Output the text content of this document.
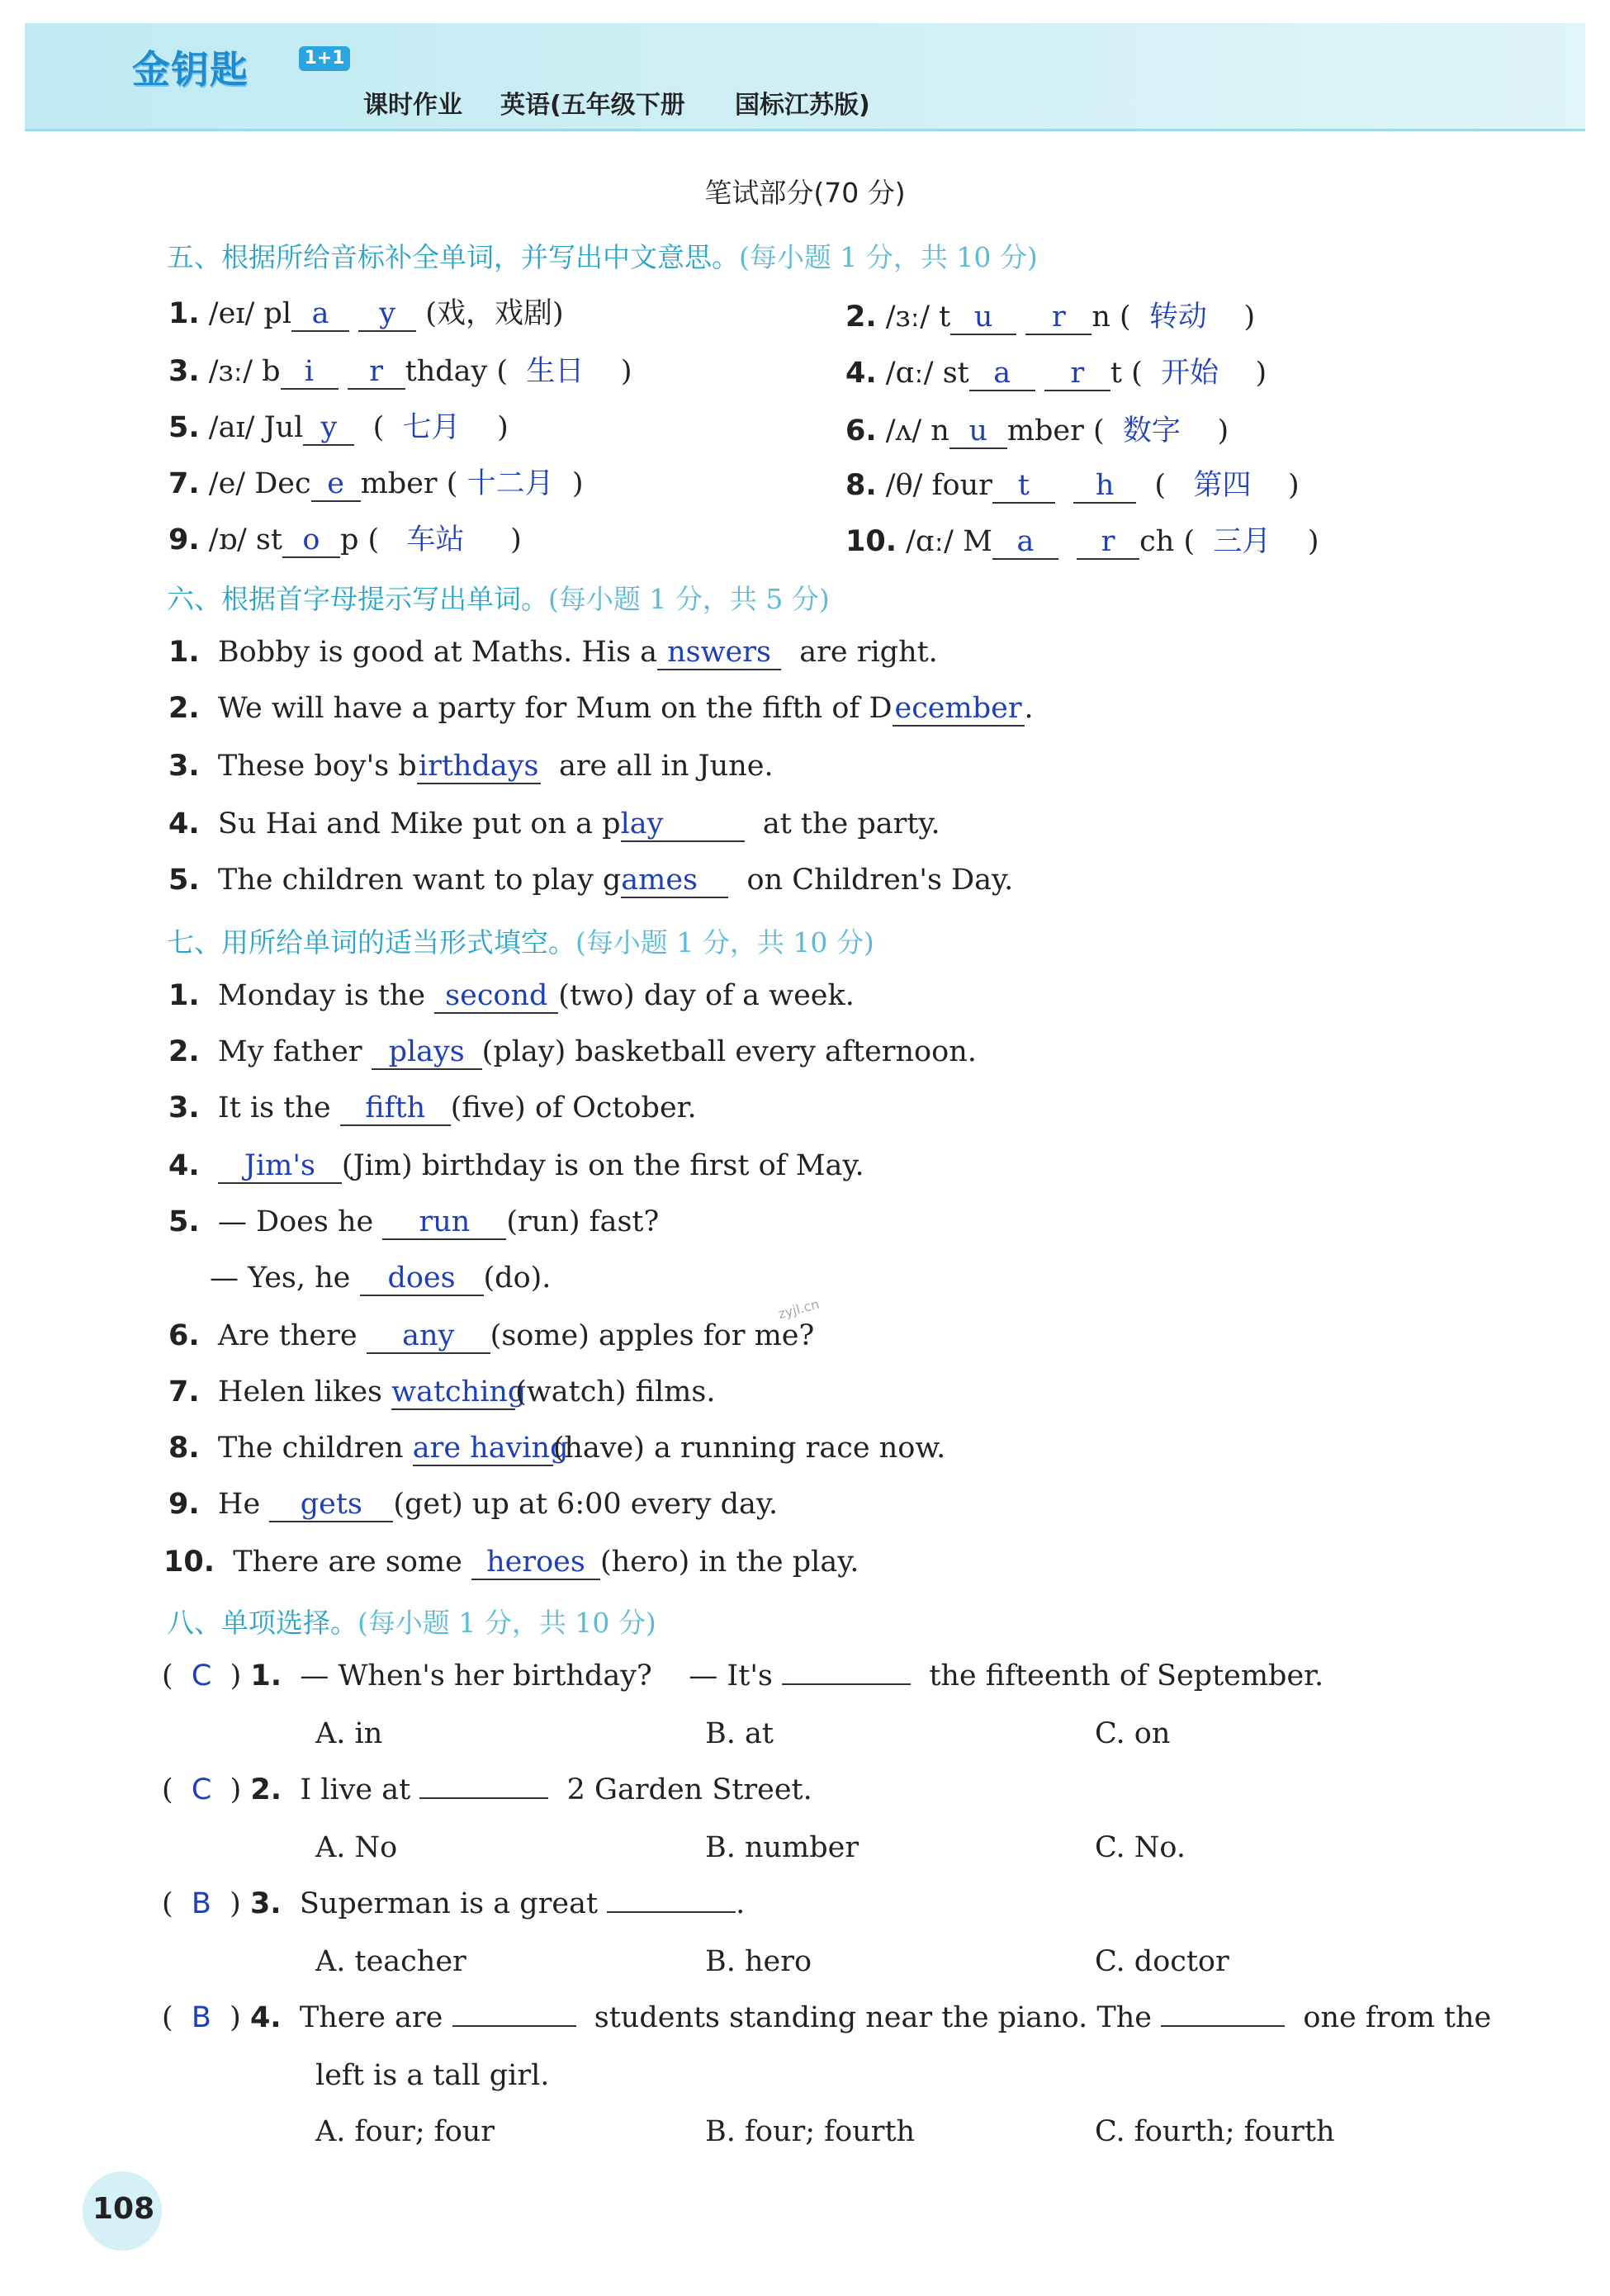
金钥匙	1+1
课时作业 英语(五年级下册 国标江苏版)
笔试部分(70 分)
五、根据所给音标补全单词，并写出中文意思。(每小题 1 分，共 10 分)
1. /eɪ/ pl a y (戏，戏剧)	2. /ɜː/ t u r n ( 转动 )
3. /ɜː/ b i r thday ( 生日 )	4. /ɑː/ st a r t ( 开始 )
5. /aɪ/ Jul y ( 七月 )	6. /ʌ/ n u mber ( 数字 )
7. /e/ Dec e mber ( 十二月 )	8. /θ/ four t h ( 第四 )
9. /ɒ/ st o p ( 车站 )	10. /ɑː/ M a r ch ( 三月 )
六、根据首字母提示写出单词。(每小题 1 分，共 5 分)
1. Bobby is good at Maths. His a nswers are right.
2. We will have a party for Mum on the fifth of December.
3. These boy's birthdays are all in June.
4. Su Hai and Mike put on a play	at the party.
5. The children want to play games on Children's Day.
七、用所给单词的适当形式填空。(每小题 1 分，共 10 分)
1. Monday is the second (two) day of a week.
2. My father plays (play) basketball every afternoon.
3. It is the fifth (five) of October.
4. Jim's (Jim) birthday is on the first of May.
5. — Does he run (run) fast?
— Yes, he does (do).
6. Are there any (some) apples for me?
zyjl.cn
7. Helen likes watching(watch) films.
8. The children are having(have) a running race now.
9. He gets (get) up at 6:00 every day.
10. There are some heroes (hero) in the play.
八、单项选择。(每小题 1 分，共 10 分)
(  C  ) 1. — When's her birthday? — It's	the fifteenth of September.
A. in	B. at	C. on
(  C  ) 2. I live at	2 Garden Street.
A. No	B. number	C. No.
(  B  ) 3. Superman is a great	.
A. teacher	B. hero	C. doctor
(  B  ) 4. There are	students standing near the piano. The	one from the
left is a tall girl.
A. four; four	B. four; fourth	C. fourth; fourth
108
